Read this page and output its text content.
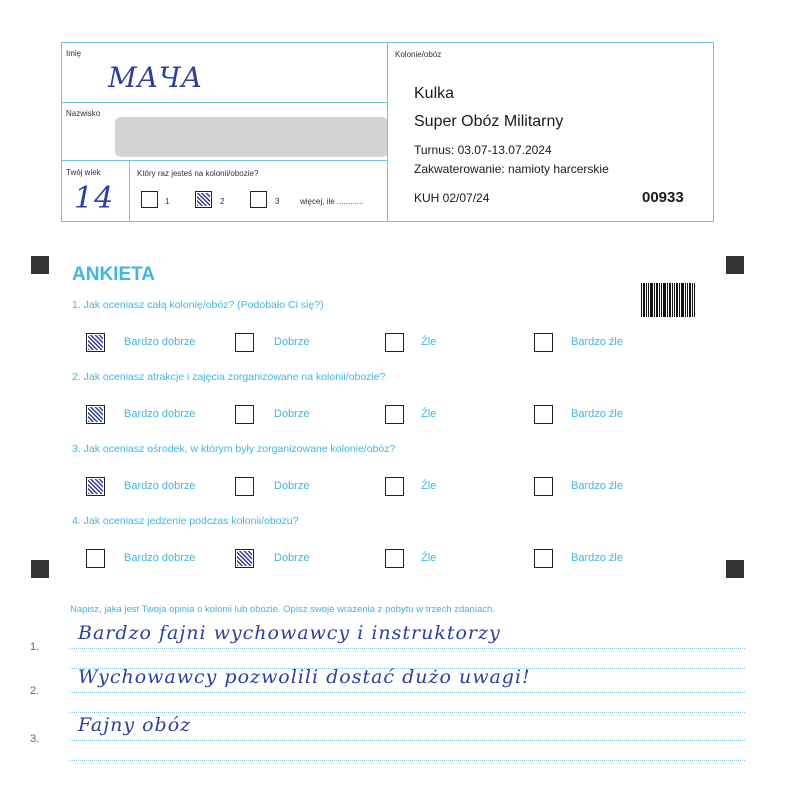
Imię
MAЧA
Nazwisko
Twój wiek
14
Który raz jesteś na kolonii/obozie?
1	2	3	więcej, ile ............
Kolonie/obóz
Kulka
Super Obóz Militarny
Turnus: 03.07-13.07.2024
Zakwaterowanie: namioty harcerskie
KUH 02/07/24	00933
ANKIETA
1. Jak oceniasz całą kolonię/obóz? (Podobało Ci się?)
Bardzo dobrze	Dobrze	Źle	Bardzo źle
2. Jak oceniasz atrakcje i zajęcia zorganizowane na kolonii/obozie?
Bardzo dobrze	Dobrze	Źle	Bardzo źle
3. Jak oceniasz ośrodek, w którym były zorganizowane kolonie/obóz?
Bardzo dobrze	Dobrze	Źle	Bardzo źle
4. Jak oceniasz jedzenie podczas kolonii/obozu?
Bardzo dobrze	Dobrze	Źle	Bardzo źle
Napisz, jaka jest Twoja opinia o kolonii lub obozie. Opisz swoje wrażenia z pobytu w trzech zdaniach.
1.
Bardzo fajni wychowawcy i instruktorzy
2.
Wychowawcy pozwolili dostać dużo uwagi!
3.
Fajny obóz
